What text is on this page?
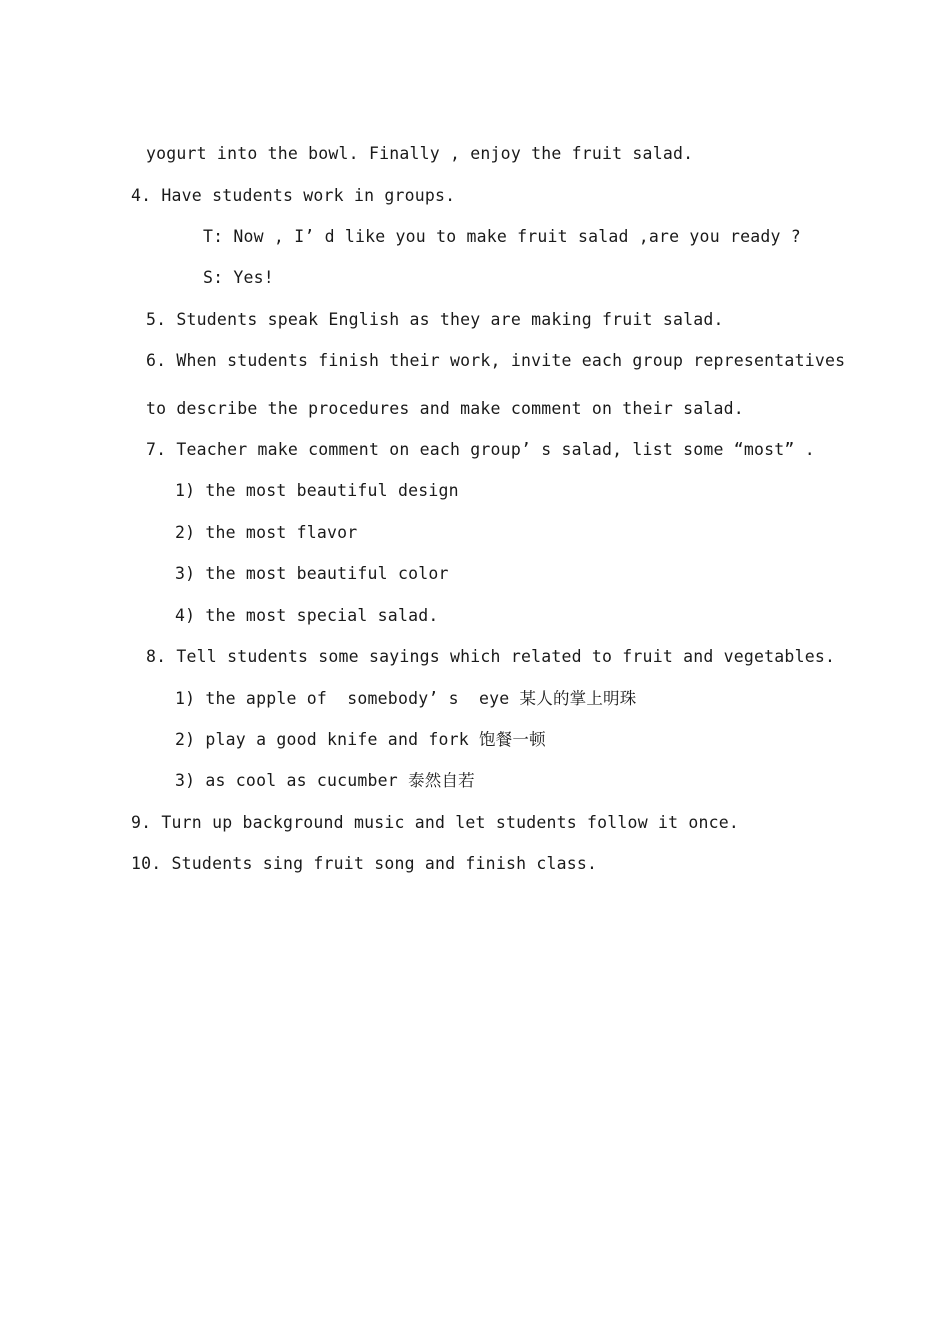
yogurt into the bowl. Finally , enjoy the fruit salad.
4. Have students work in groups.
T: Now , I’ d like you to make fruit salad ,are you ready ?
S: Yes!
5. Students speak English as they are making fruit salad.
6. When students finish their work, invite each group representatives
to describe the procedures and make comment on their salad.
7. Teacher make comment on each group’ s salad, list some “most” .
1) the most beautiful design
2) the most flavor
3) the most beautiful color
4) the most special salad.
8. Tell students some sayings which related to fruit and vegetables.
1) the apple of  somebody’ s  eye 某人的掌上明珠
2) play a good knife and fork 饱餐一顿
3) as cool as cucumber 泰然自若
9. Turn up background music and let students follow it once.
10. Students sing fruit song and finish class.
